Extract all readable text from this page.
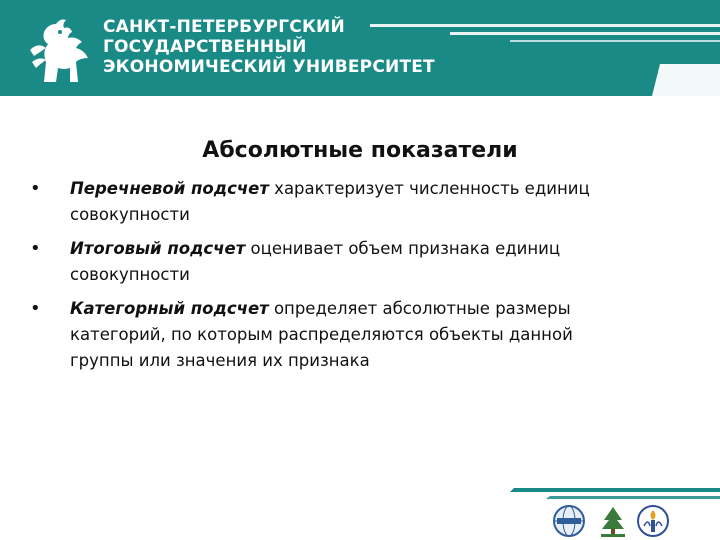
САНКТ-ПЕТЕРБУРГСКИЙ
ГОСУДАРСТВЕННЫЙ
ЭКОНОМИЧЕСКИЙ УНИВЕРСИТЕТ
Абсолютные показатели
• Перечневой подсчет характеризует численность единиц
совокупности
• Итоговый подсчет оценивает объем признака единиц
совокупности
• Категорный подсчет определяет абсолютные размеры
категорий, по которым распределяются объекты данной
группы или значения их признака
